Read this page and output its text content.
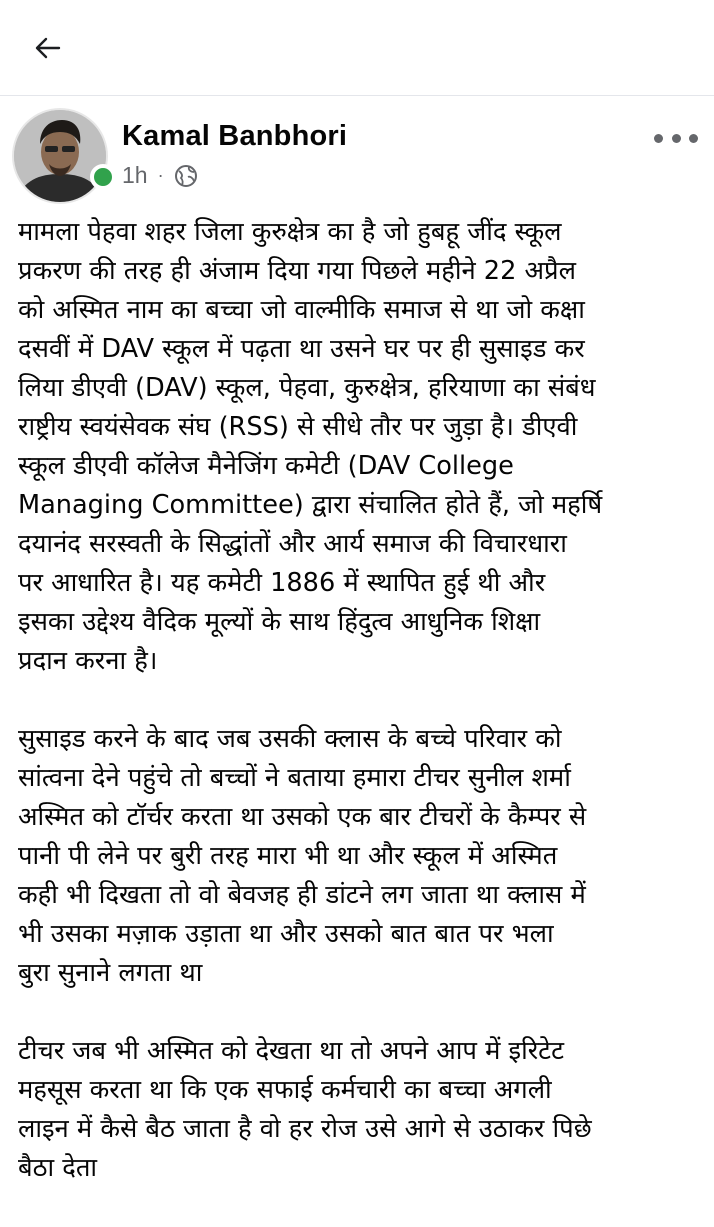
Kamal Banbhori
1h ·

मामला पेहवा शहर जिला कुरुक्षेत्र का है जो हुबहू जींद स्कूल
प्रकरण की तरह ही अंजाम दिया गया पिछले महीने 22 अप्रैल
को अस्मित नाम का बच्चा जो वाल्मीकि समाज से था जो कक्षा
दसवीं में DAV स्कूल में पढ़ता था उसने घर पर ही सुसाइड कर
लिया डीएवी (DAV) स्कूल, पेहवा, कुरुक्षेत्र, हरियाणा का संबंध
राष्ट्रीय स्वयंसेवक संघ (RSS) से सीधे तौर पर जुड़ा है। डीएवी
स्कूल डीएवी कॉलेज मैनेजिंग कमेटी (DAV College
Managing Committee) द्वारा संचालित होते हैं, जो महर्षि
दयानंद सरस्वती के सिद्धांतों और आर्य समाज की विचारधारा
पर आधारित है। यह कमेटी 1886 में स्थापित हुई थी और
इसका उद्देश्य वैदिक मूल्यों के साथ हिंदुत्व आधुनिक शिक्षा
प्रदान करना है।

सुसाइड करने के बाद जब उसकी क्लास के बच्चे परिवार को
सांत्वना देने पहुंचे तो बच्चों ने बताया हमारा टीचर सुनील शर्मा
अस्मित को टॉर्चर करता था उसको एक बार टीचरों के कैम्पर से
पानी पी लेने पर बुरी तरह मारा भी था और स्कूल में अस्मित
कही भी दिखता तो वो बेवजह ही डांटने लग जाता था क्लास में
भी उसका मज़ाक उड़ाता था और उसको बात बात पर भला
बुरा सुनाने लगता था

टीचर जब भी अस्मित को देखता था तो अपने आप में इरिटेट
महसूस करता था कि एक सफाई कर्मचारी का बच्चा अगली
लाइन में कैसे बैठ जाता है वो हर रोज उसे आगे से उठाकर पिछे
बैठा देता
